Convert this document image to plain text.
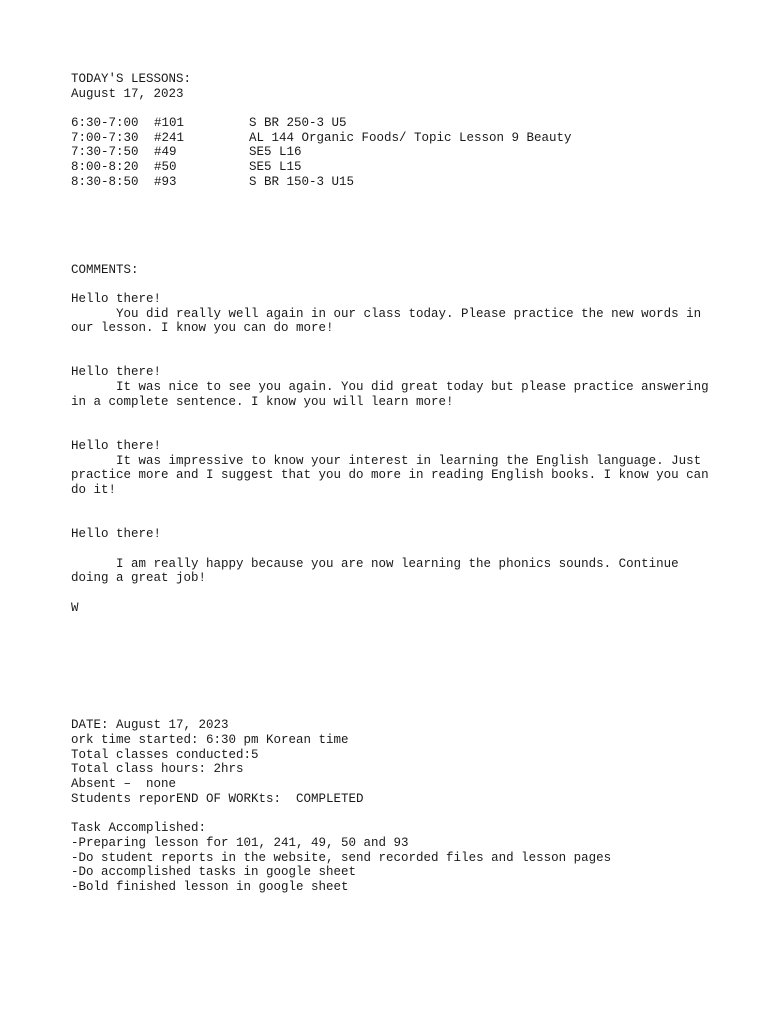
TODAY'S LESSONS:
August 17, 2023
6:30-7:00	#101	S BR 250-3 U5
7:00-7:30	#241	AL 144 Organic Foods/ Topic Lesson 9 Beauty
7:30-7:50	#49	SE5 L16
8:00-8:20	#50	SE5 L15
8:30-8:50	#93	S BR 150-3 U15
COMMENTS:
Hello there!
You did really well again in our class today. Please practice the new words in our lesson. I know you can do more!
Hello there!
It was nice to see you again. You did great today but please practice answering in a complete sentence. I know you will learn more!
Hello there!
It was impressive to know your interest in learning the English language. Just practice more and I suggest that you do more in reading English books. I know you can do it!
Hello there!
I am really happy because you are now learning the phonics sounds. Continue doing a great job!
W
DATE: August 17, 2023
ork time started: 6:30 pm Korean time
Total classes conducted:5
Total class hours: 2hrs
Absent –  none
Students reporEND OF WORKts:  COMPLETED
Task Accomplished:
-Preparing lesson for 101, 241, 49, 50 and 93
-Do student reports in the website, send recorded files and lesson pages
-Do accomplished tasks in google sheet
-Bold finished lesson in google sheet
